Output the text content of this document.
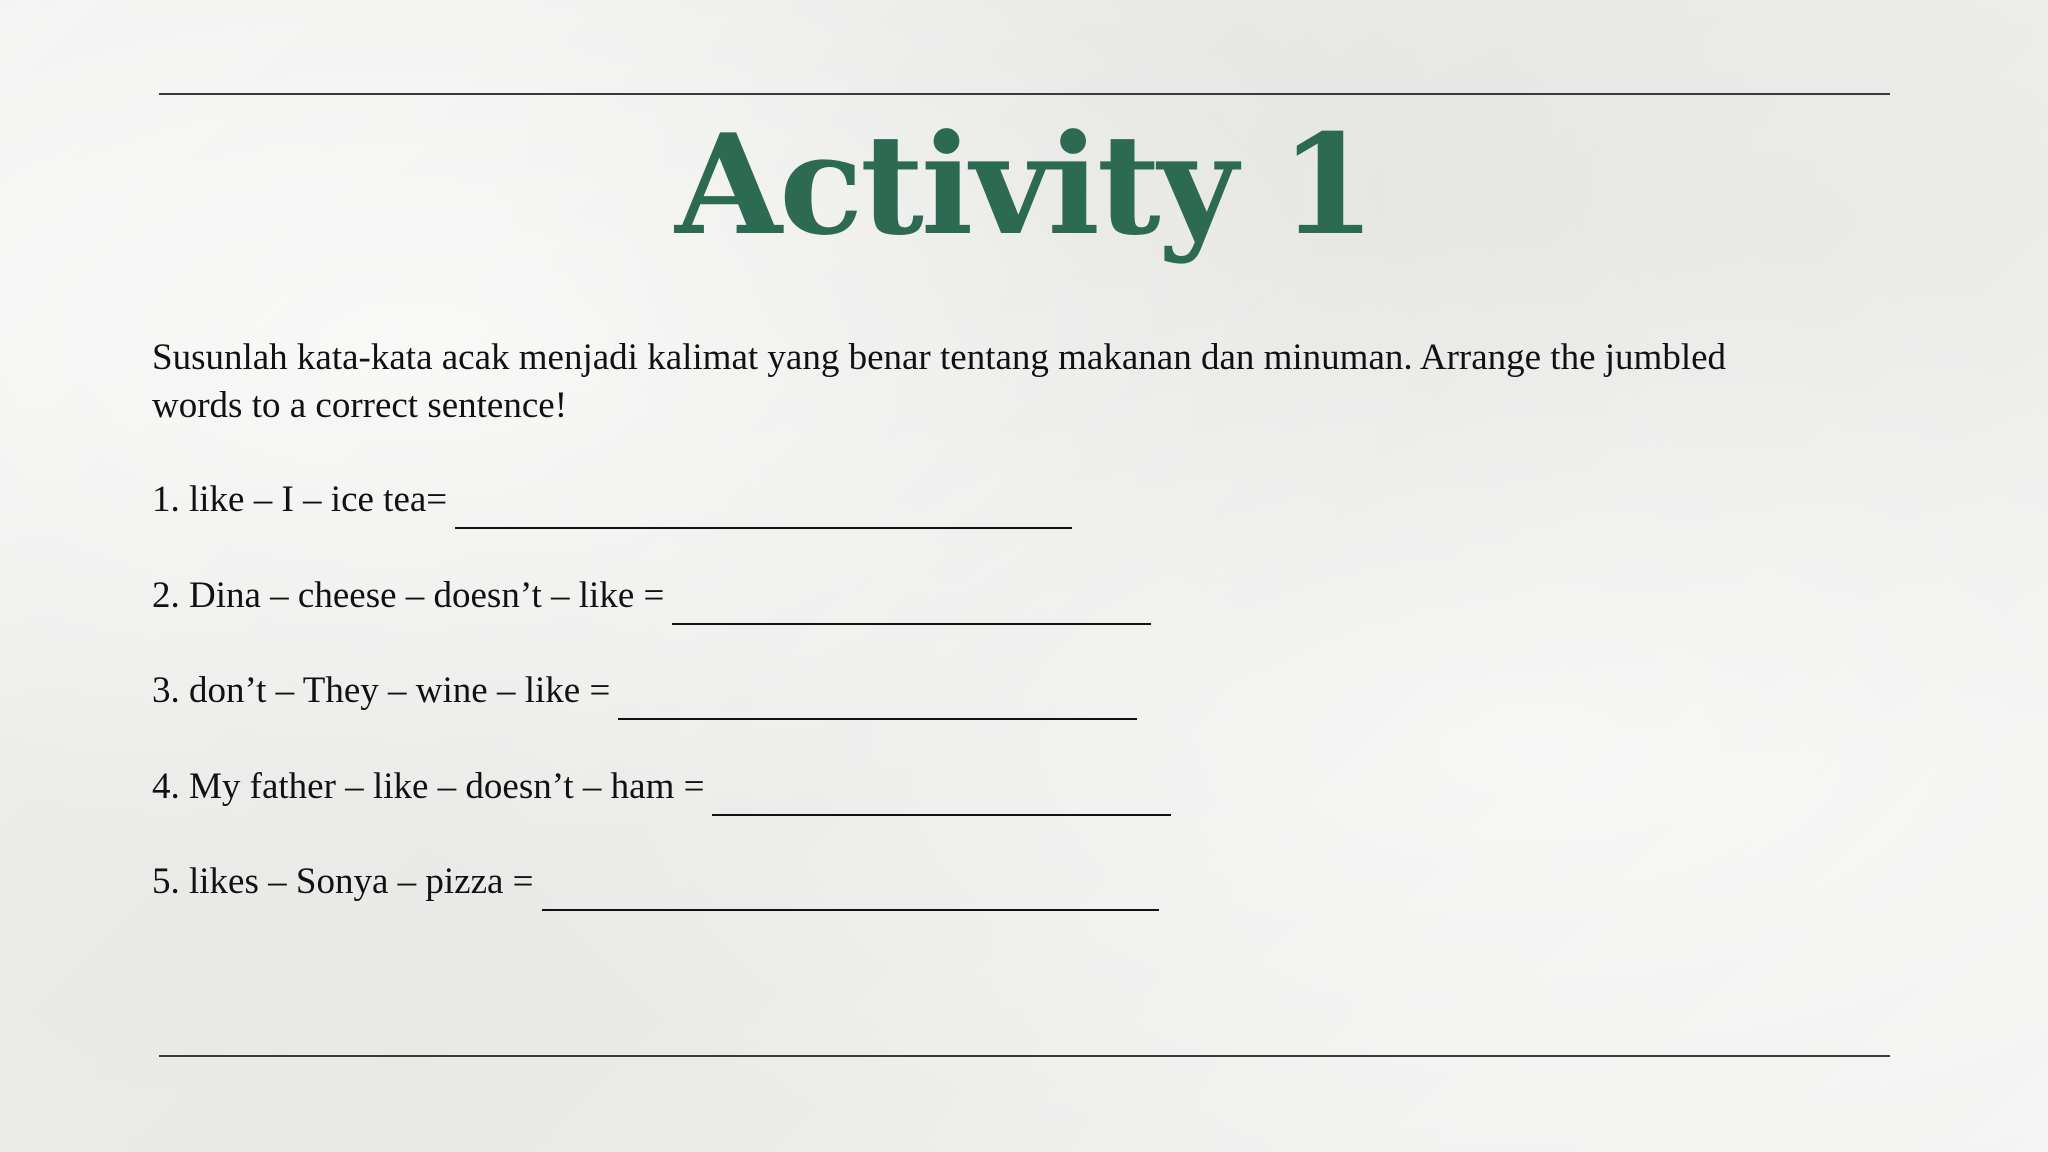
Activity 1

Susunlah kata-kata acak menjadi kalimat yang benar tentang makanan dan minuman. Arrange the jumbled words to a correct sentence!

1. like – I – ice tea=
2. Dina – cheese – doesn’t – like =
3. don’t – They – wine – like =
4. My father – like – doesn’t – ham =
5. likes – Sonya – pizza =
